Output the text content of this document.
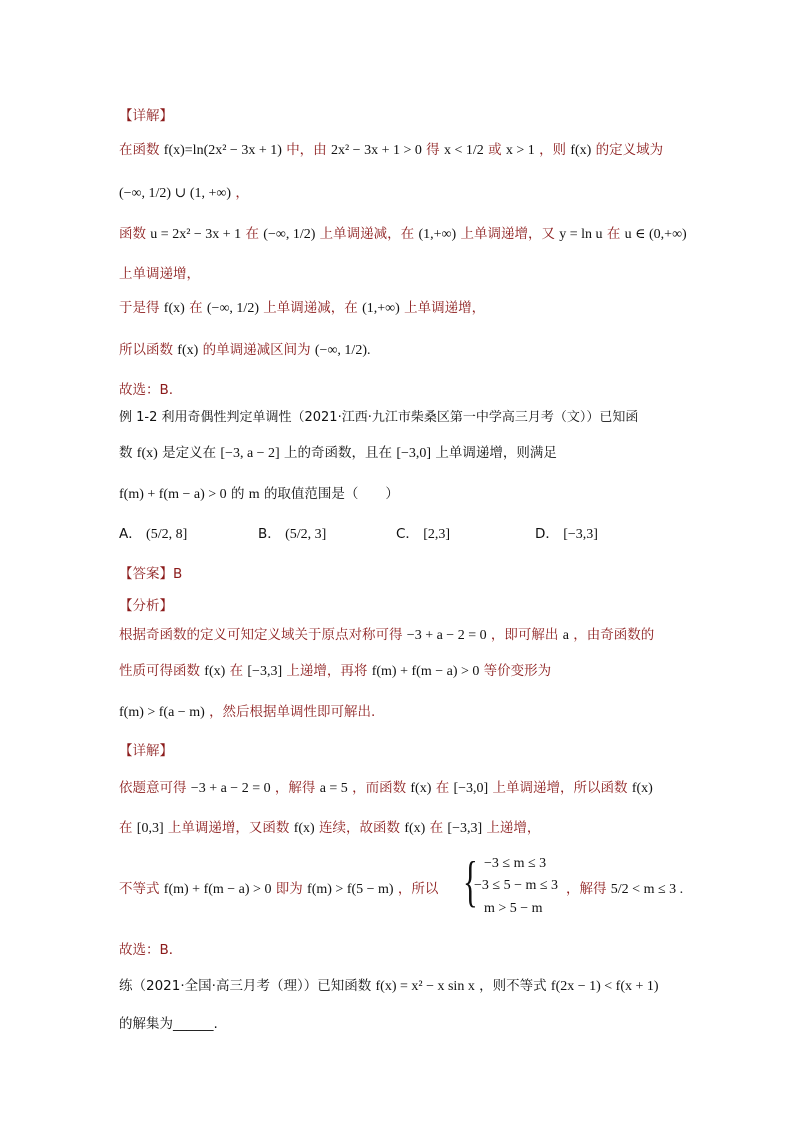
【详解】
在函数 f(x)=ln(2x² − 3x + 1) 中，由 2x² − 3x + 1 > 0 得 x < 1/2 或 x > 1 ，则 f(x) 的定义域为
(−∞, 1/2) ∪ (1, +∞) ，
函数 u = 2x² − 3x + 1 在 (−∞, 1/2) 上单调递减，在 (1,+∞) 上单调递增，又 y = ln u 在 u ∈ (0,+∞)
上单调递增，
于是得 f(x) 在 (−∞, 1/2) 上单调递减，在 (1,+∞) 上单调递增，
所以函数 f(x) 的单调递减区间为 (−∞, 1/2).
故选：B.
例 1-2 利用奇偶性判定单调性（2021·江西·九江市柴桑区第一中学高三月考（文））已知函
数 f(x) 是定义在 [−3, a − 2] 上的奇函数，且在 [−3,0] 上单调递增，则满足
f(m) + f(m − a) > 0 的 m 的取值范围是（　　）
A． (5/2, 8]	B． (5/2, 3]	C． [2,3]	D． [−3,3]
【答案】B
【分析】
根据奇函数的定义可知定义域关于原点对称可得 −3 + a − 2 = 0 ，即可解出 a ，由奇函数的
性质可得函数 f(x) 在 [−3,3] 上递增，再将 f(m) + f(m − a) > 0 等价变形为
f(m) > f(a − m) ，然后根据单调性即可解出.
【详解】
依题意可得 −3 + a − 2 = 0 ，解得 a = 5 ，而函数 f(x) 在 [−3,0] 上单调递增，所以函数 f(x)
在 [0,3] 上单调递增，又函数 f(x) 连续，故函数 f(x) 在 [−3,3] 上递增，
不等式 f(m) + f(m − a) > 0 即为 f(m) > f(5 − m) ，所以 { −3 ≤ m ≤ 3
−3 ≤ 5 − m ≤ 3
m > 5 − m
，解得 5/2 < m ≤ 3 .
故选：B．
练（2021·全国·高三月考（理））已知函数 f(x) = x² − x sin x ，则不等式 f(2x − 1) < f(x + 1)
的解集为______.
